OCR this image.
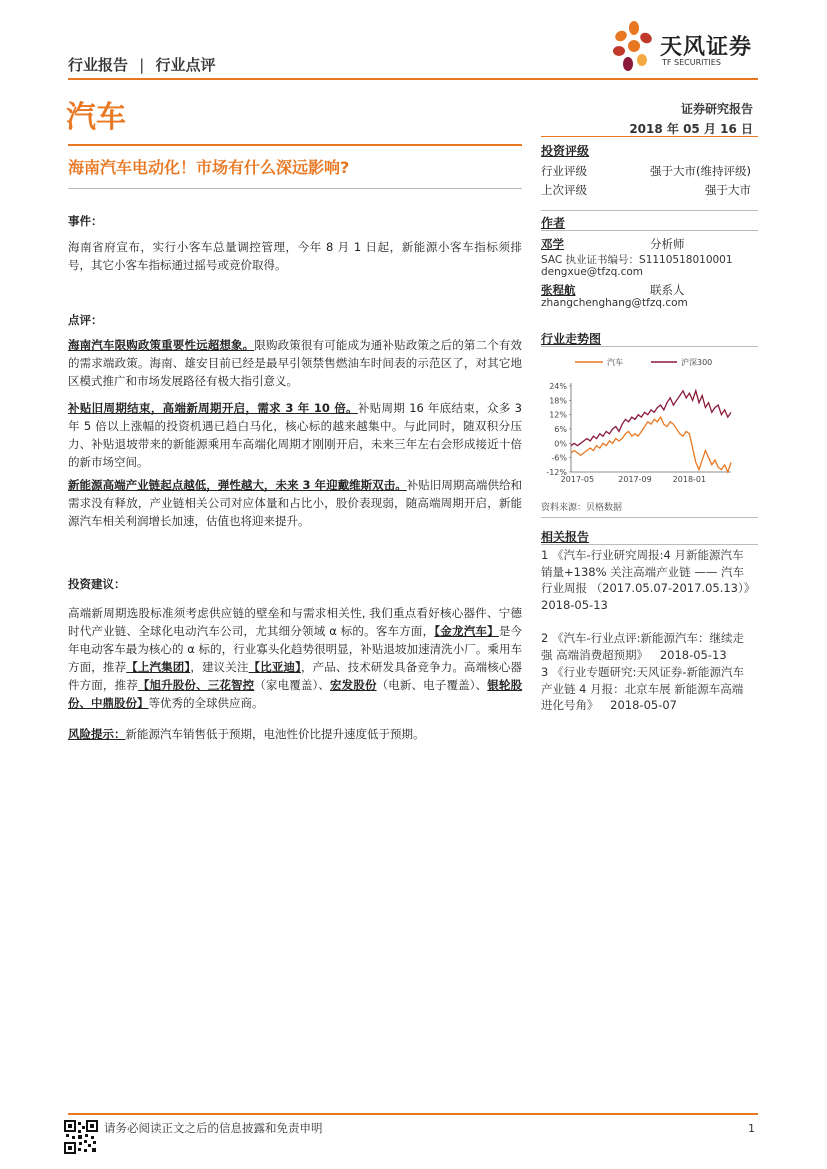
行业报告 | 行业点评
天风证券
TF SECURITIES
汽车	证券研究报告
2018 年 05 月 16 日
海南汽车电动化！市场有什么深远影响?
投资评级
行业评级	强于大市(维持评级)
上次评级	强于大市
作者
邓学	分析师
SAC 执业证书编号：S1110518010001
dengxue@tfzq.com
张程航	联系人
zhangchenghang@tfzq.com
行业走势图
汽车	沪深300
24%
18%
12%
6%
0%
-6%
-12%
2017-05	2017-09	2018-01
资料来源：贝格数据
相关报告
1 《汽车-行业研究周报:4 月新能源汽车销量+138% 关注高端产业链 —— 汽车行业周报 （2017.05.07-2017.05.13）》
2018-05-13
2 《汽车-行业点评:新能源汽车：继续走强 高端消费超预期》 2018-05-13
3 《行业专题研究:天风证券-新能源汽车产业链 4 月报：北京车展 新能源车高端进化号角》 2018-05-07
事件：
海南省府宣布，实行小客车总量调控管理，今年 8 月 1 日起，新能源小客车指标须排号，其它小客车指标通过摇号或竞价取得。
点评：
海南汽车限购政策重要性远超想象。限购政策很有可能成为通补贴政策之后的第二个有效的需求端政策。海南、雄安目前已经是最早引领禁售燃油车时间表的示范区了，对其它地区模式推广和市场发展路径有极大指引意义。
补贴旧周期结束，高端新周期开启，需求 3 年 10 倍。补贴周期 16 年底结束，众多 3 年 5 倍以上涨幅的投资机遇已趋白马化，核心标的越来越集中。与此同时，随双积分压力、补贴退坡带来的新能源乘用车高端化周期才刚刚开启，未来三年左右会形成接近十倍的新市场空间。
新能源高端产业链起点越低，弹性越大，未来 3 年迎戴维斯双击。补贴旧周期高端供给和需求没有释放，产业链相关公司对应体量和占比小，股价表现弱，随高端周期开启，新能源汽车相关利润增长加速，估值也将迎来提升。
投资建议：
高端新周期选股标准须考虑供应链的壁垒和与需求相关性, 我们重点看好核心器件、宁德时代产业链、全球化电动汽车公司，尤其细分领域 α 标的。客车方面，【金龙汽车】是今年电动客车最为核心的 α 标的，行业寡头化趋势很明显，补贴退坡加速清洗小厂。乘用车方面，推荐【上汽集团】，建议关注【比亚迪】，产品、技术研发具备竞争力。高端核心器件方面，推荐【旭升股份、三花智控（家电覆盖）、宏发股份（电新、电子覆盖）、银轮股份、中鼎股份】等优秀的全球供应商。
风险提示：新能源汽车销售低于预期，电池性价比提升速度低于预期。
请务必阅读正文之后的信息披露和免责申明	1
